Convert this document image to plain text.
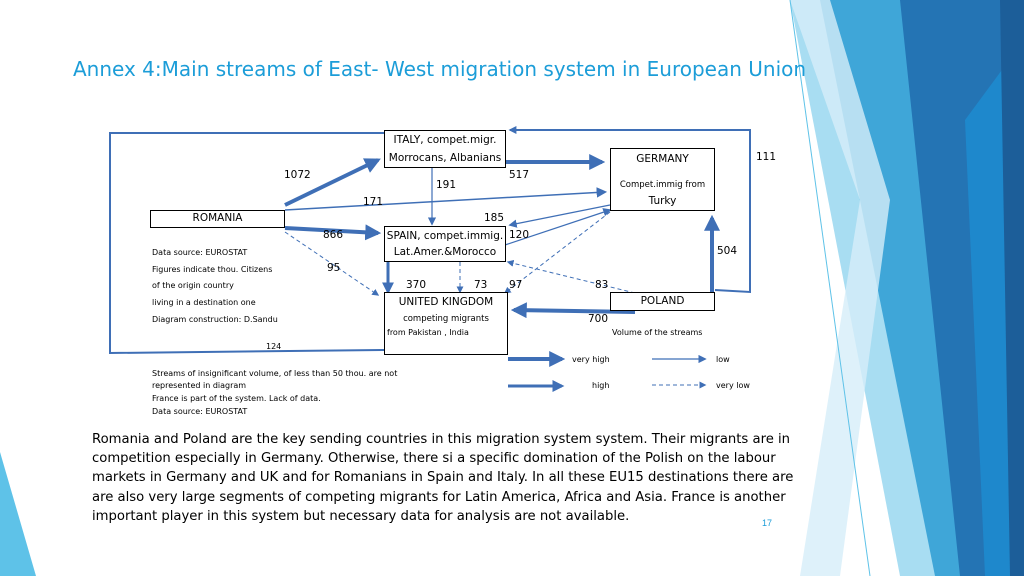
Annex 4:Main streams of East- West migration system in European Union
ITALY, compet.migr.
Morrocans, Albanians	GERMANY
Compet.immig from
Turky
ROMANIA
SPAIN, compet.immig.
Lat.Amer.&Morocco
UNITED KINGDOM
competing migrants
from Pakistan , India
POLAND
1072
191
517
171
111
185
866	120
504
95
370	73 97	83
700
124
Data source: EUROSTAT
Figures indicate thou. Citizens
of the origin country
living in a destination one
Diagram construction: D.Sandu
Volume of the streams
very high
high
low
very low
Streams of insignificant volume, of less than 50 thou. are not
represented in diagram
France is part of the system. Lack of data.
Data source: EUROSTAT
Romania and Poland are the key sending countries in this migration system system. Their migrants are in competition especially in Germany. Otherwise, there si a specific domination of the Polish on the labour markets in Germany and UK and for Romanians in Spain and Italy. In all these EU15 destinations there are are also very large segments of competing migrants for Latin America, Africa and Asia. France is another important player in this system but necessary data for analysis are not available.	17
